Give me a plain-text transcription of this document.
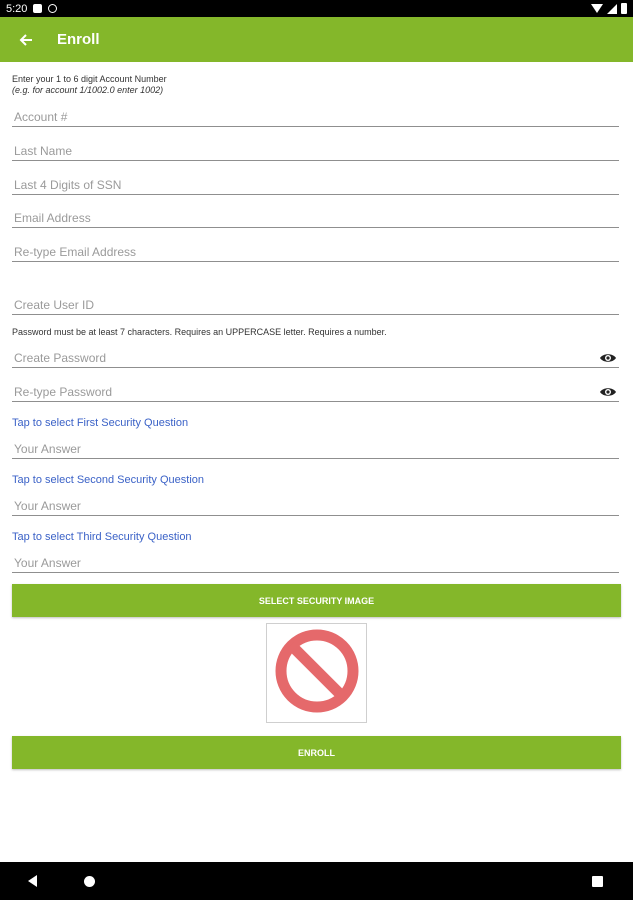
5:20
Enroll
Enter your 1 to 6 digit Account Number
(e.g. for account 1/1002.0 enter 1002)
Account #
Last Name
Last 4 Digits of SSN
Email Address
Re-type Email Address
Create User ID
Password must be at least 7 characters. Requires an UPPERCASE letter. Requires a number.
Tap to select First Security Question
Your Answer
Tap to select Second Security Question
Your Answer
Tap to select Third Security Question
Your Answer
SELECT SECURITY IMAGE
ENROLL
